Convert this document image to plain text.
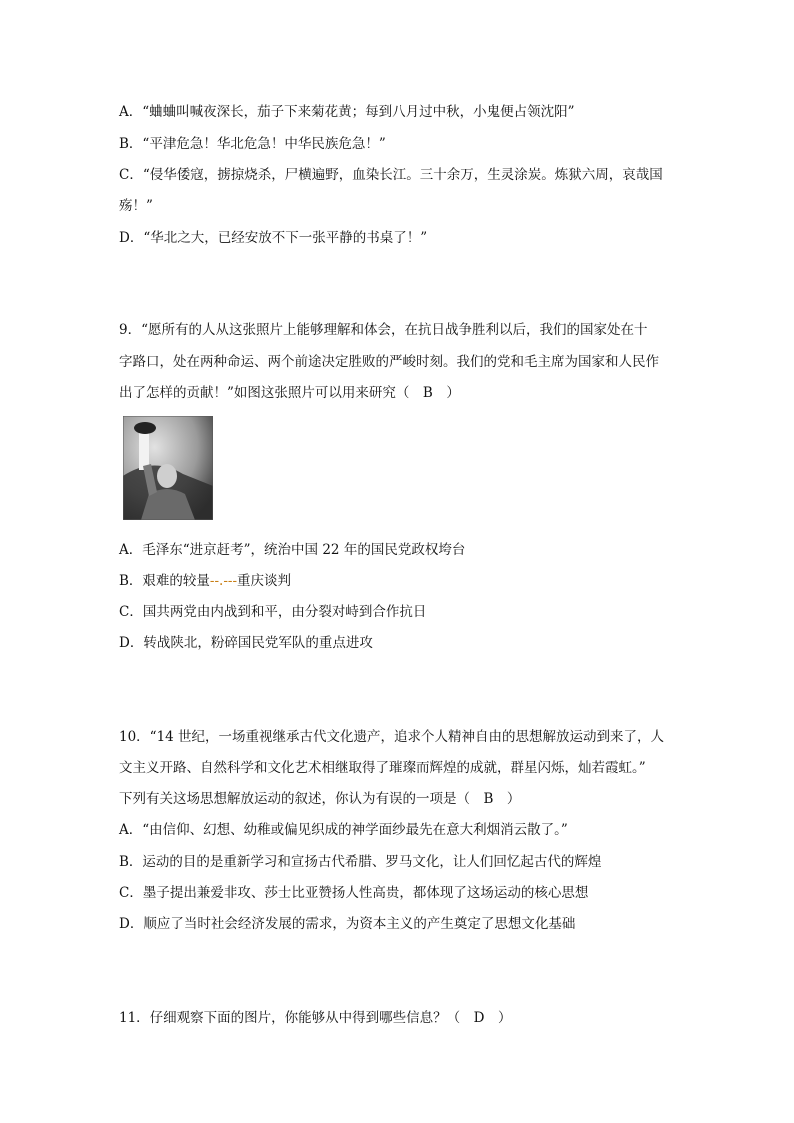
A．“蛐蛐叫喊夜深长，茄子下来菊花黄；每到八月过中秋，小鬼便占领沈阳”
B．“平津危急！华北危急！中华民族危急！”
C．“侵华倭寇，掳掠烧杀，尸横遍野，血染长江。三十余万，生灵涂炭。炼狱六周，哀哉国
殇！”
D．“华北之大，已经安放不下一张平静的书桌了！”
9．“愿所有的人从这张照片上能够理解和体会，在抗日战争胜利以后，我们的国家处在十
字路口，处在两种命运、两个前途决定胜败的严峻时刻。我们的党和毛主席为国家和人民作
出了怎样的贡献！”如图这张照片可以用来研究（　B　）
A．毛泽东“进京赶考”，统治中国 22 年的国民党政权垮台
B．艰难的较量--.---重庆谈判
C．国共两党由内战到和平，由分裂对峙到合作抗日
D．转战陕北，粉碎国民党军队的重点进攻
10．“14 世纪，一场重视继承古代文化遗产，追求个人精神自由的思想解放运动到来了，人
文主义开路、自然科学和文化艺术相继取得了璀璨而辉煌的成就，群星闪烁，灿若霞虹。”
下列有关这场思想解放运动的叙述，你认为有误的一项是（　B　）
A．“由信仰、幻想、幼稚或偏见织成的神学面纱最先在意大利烟消云散了。”
B．运动的目的是重新学习和宣扬古代希腊、罗马文化，让人们回忆起古代的辉煌
C．墨子提出兼爱非攻、莎士比亚赞扬人性高贵，都体现了这场运动的核心思想
D．顺应了当时社会经济发展的需求，为资本主义的产生奠定了思想文化基础
11．仔细观察下面的图片，你能够从中得到哪些信息？（　D　）
